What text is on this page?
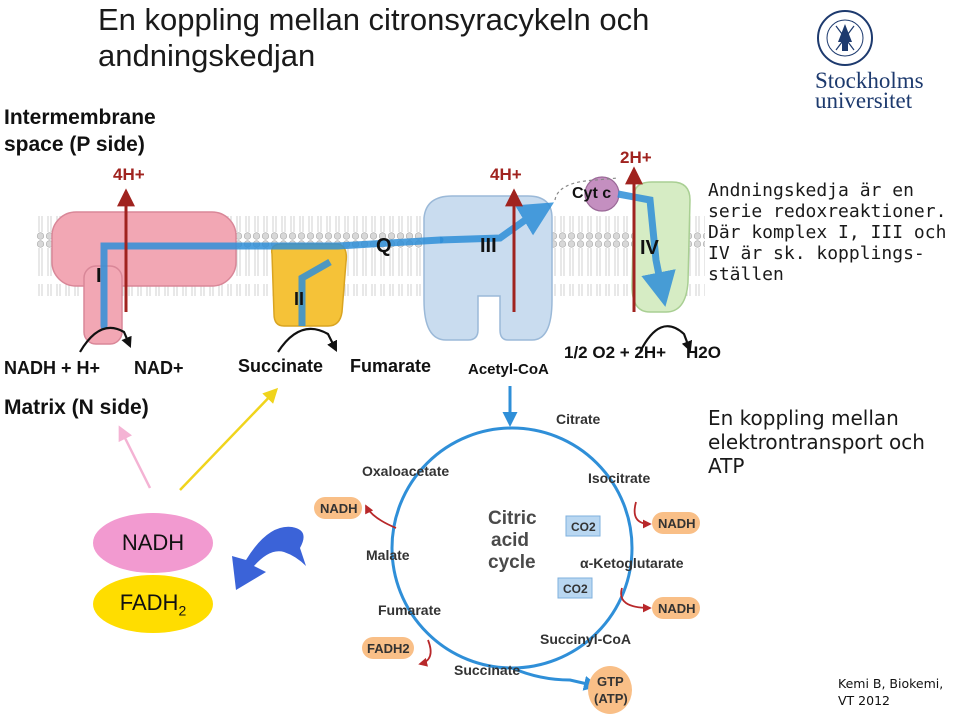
En koppling mellan citronsyracykeln och andningskedjan
Stockholms
universitet
Intermembrane
space (P side)
Matrix (N side)
4H+	4H+
2H+
I
II
Q	III	IV
Cyt c
NADH + H+ NAD+	Succinate Fumarate Acetyl-CoA
1/2 O2 + 2H+ H2O
Citric
acid
cycle
Citrate
Isocitrate
α-Ketoglutarate
Succinyl-CoA
Succinate
Fumarate
Malate
Oxaloacetate
NADH
NADH
NADH
CO2
CO2
FADH2
GTP
(ATP)
Andningskedja är en serie redoxreaktioner. Där komplex I, III och IV är sk. kopplings-ställen
En koppling mellan elektrontransport och ATP
NADH
$FADH_2$
Kemi B, Biokemi, VT 2012
